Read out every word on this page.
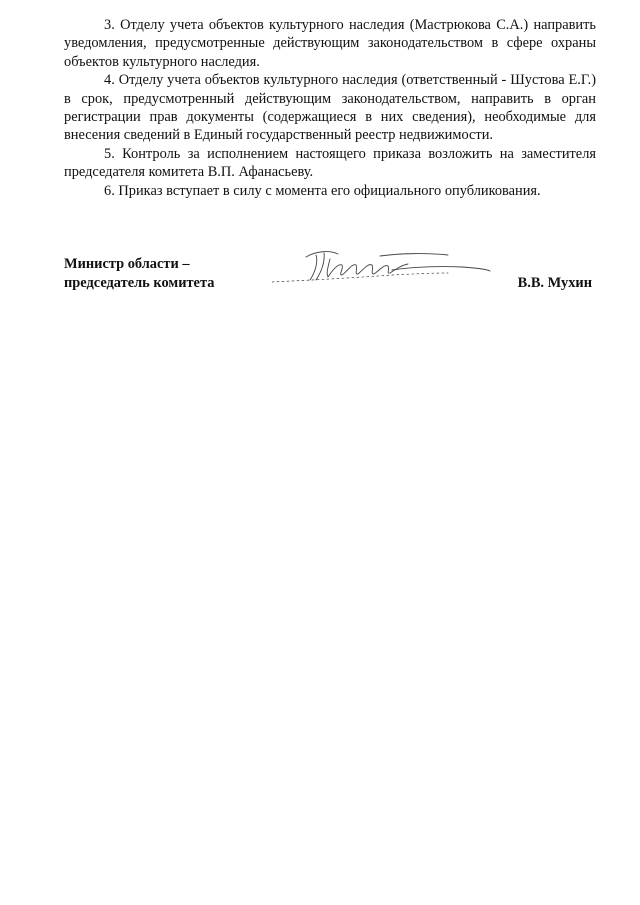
3. Отделу учета объектов культурного наследия (Мастрюкова С.А.) направить уведомления, предусмотренные действующим законодательством в сфере охраны объектов культурного наследия.

4. Отделу учета объектов культурного наследия (ответственный - Шустова Е.Г.) в срок, предусмотренный действующим законодательством, направить в орган регистрации прав документы (содержащиеся в них сведения), необходимые для внесения сведений в Единый государственный реестр недвижимости.

5. Контроль за исполнением настоящего приказа возложить на заместителя председателя комитета В.П. Афанасьеву.

6. Приказ вступает в силу с момента его официального опубликования.

Министр области –
председатель комитета	В.В. Мухин
